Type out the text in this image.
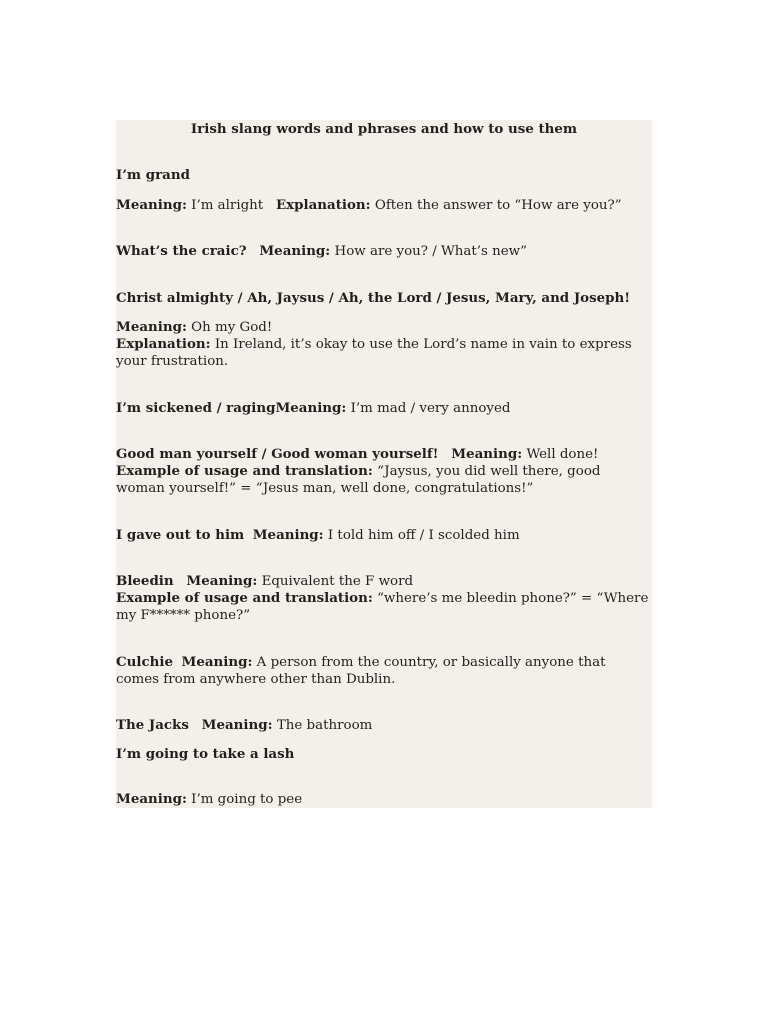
Irish slang words and phrases and how to use them
I’m grand
Meaning: I’m alright Explanation: Often the answer to “How are you?”
What’s the craic? Meaning: How are you? / What’s new”
Christ almighty / Ah, Jaysus / Ah, the Lord / Jesus, Mary, and Joseph!
Meaning: Oh my God!
Explanation: In Ireland, it’s okay to use the Lord’s name in vain to express your frustration.
I’m sickened / ragingMeaning: I’m mad / very annoyed
Good man yourself / Good woman yourself! Meaning: Well done!
Example of usage and translation: “Jaysus, you did well there, good woman yourself!” = “Jesus man, well done, congratulations!”
I gave out to him Meaning: I told him off / I scolded him
Bleedin Meaning: Equivalent the F word
Example of usage and translation: “where’s me bleedin phone?” = “Where my F****** phone?”
Culchie Meaning: A person from the country, or basically anyone that comes from anywhere other than Dublin.
The Jacks Meaning: The bathroom
I’m going to take a lash
Meaning: I’m going to pee
